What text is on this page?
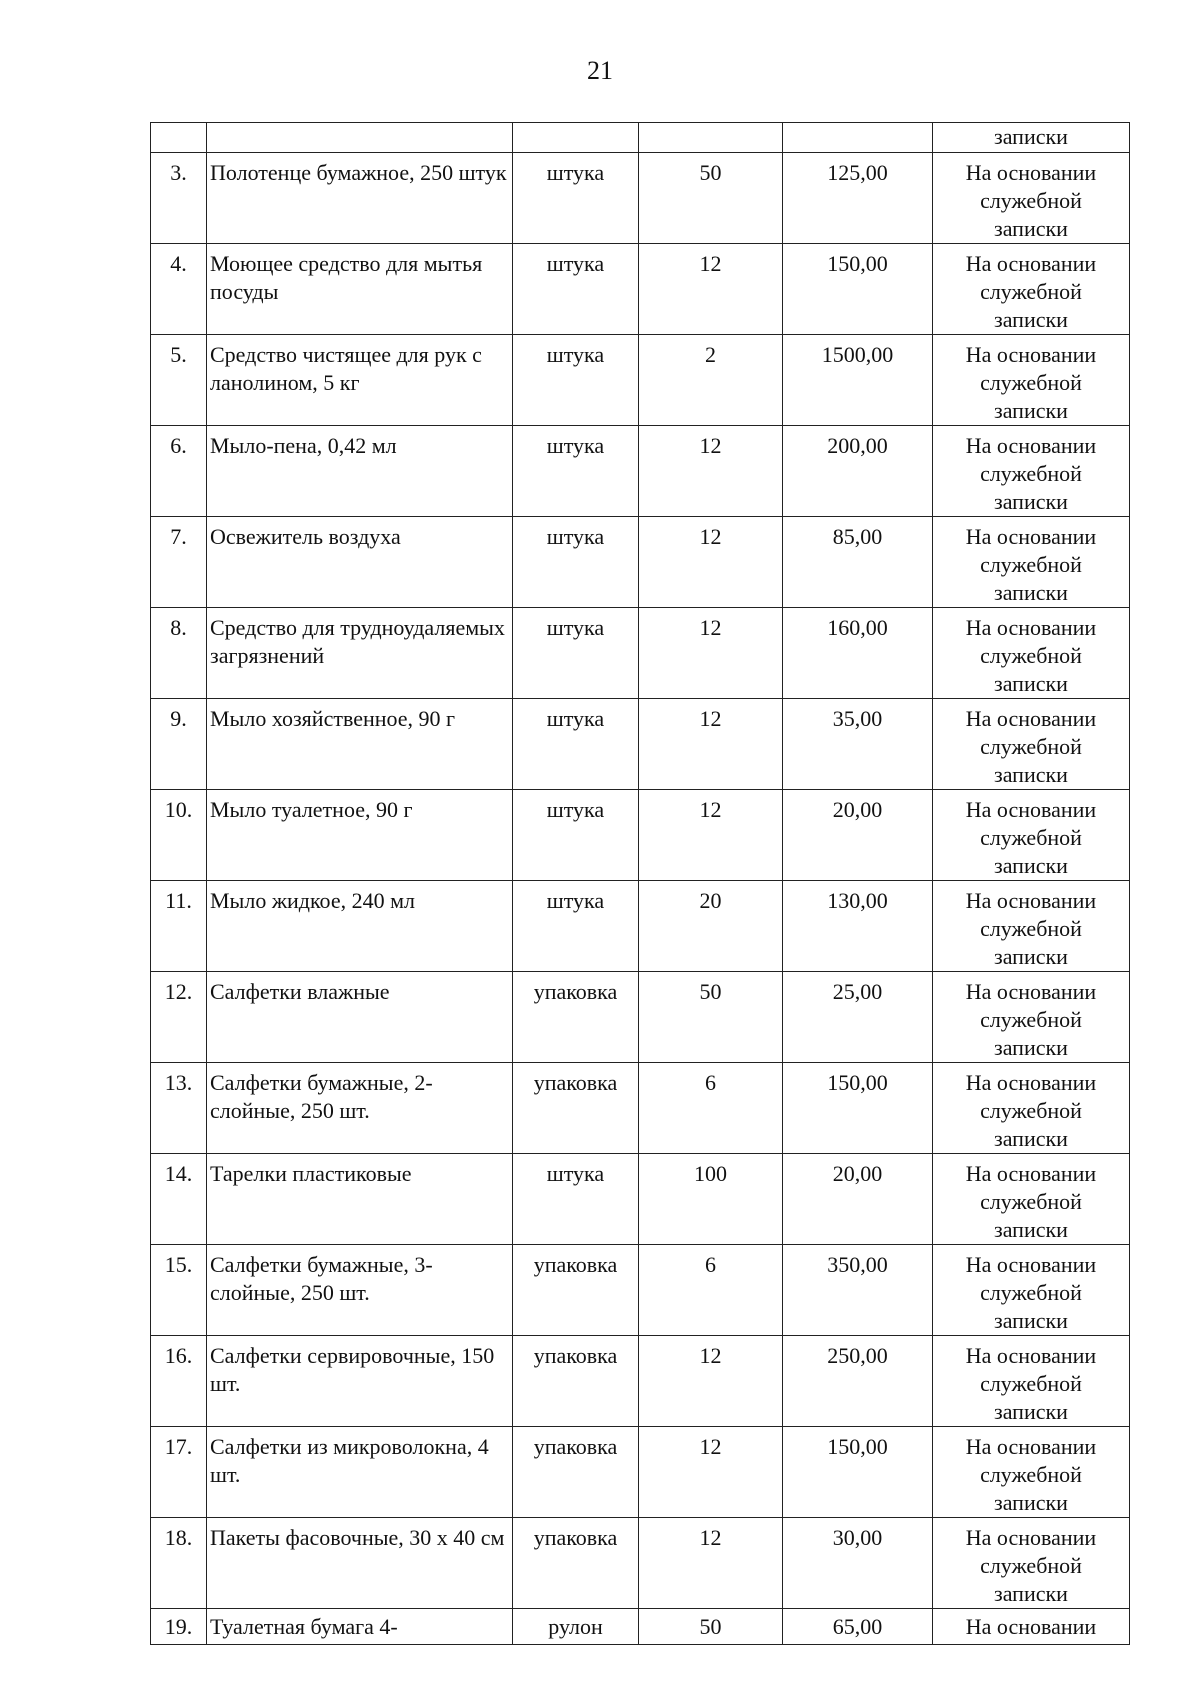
21
					записки
3.	Полотенце бумажное, 250 штук	штука	50	125,00	На основании
служебной
записки

4.	Моющее средство для мытья посуды	штука	12	150,00	На основании
служебной
записки

5.	Средство чистящее для рук с ланолином, 5 кг	штука	2	1500,00	На основании
служебной
записки

6.	Мыло-пена, 0,42 мл	штука	12	200,00	На основании
служебной
записки

7.	Освежитель воздуха	штука	12	85,00	На основании
служебной
записки

8.	Средство для трудноудаляемых загрязнений	штука	12	160,00	На основании
служебной
записки

9.	Мыло хозяйственное, 90 г	штука	12	35,00	На основании
служебной
записки

10.	Мыло туалетное, 90 г	штука	12	20,00	На основании
служебной
записки

11.	Мыло жидкое, 240 мл	штука	20	130,00	На основании
служебной
записки

12.	Салфетки влажные	упаковка	50	25,00	На основании
служебной
записки

13.	Салфетки бумажные, 2-слойные, 250 шт.	упаковка	6	150,00	На основании
служебной
записки

14.	Тарелки пластиковые	штука	100	20,00	На основании
служебной
записки

15.	Салфетки бумажные, 3-слойные, 250 шт.	упаковка	6	350,00	На основании
служебной
записки

16.	Салфетки сервировочные, 150 шт.	упаковка	12	250,00	На основании
служебной
записки

17.	Салфетки из микроволокна, 4 шт.	упаковка	12	150,00	На основании
служебной
записки

18.	Пакеты фасовочные, 30 х 40 см	упаковка	12	30,00	На основании
служебной
записки

19.	Туалетная бумага 4-	рулон	50	65,00	На основании
